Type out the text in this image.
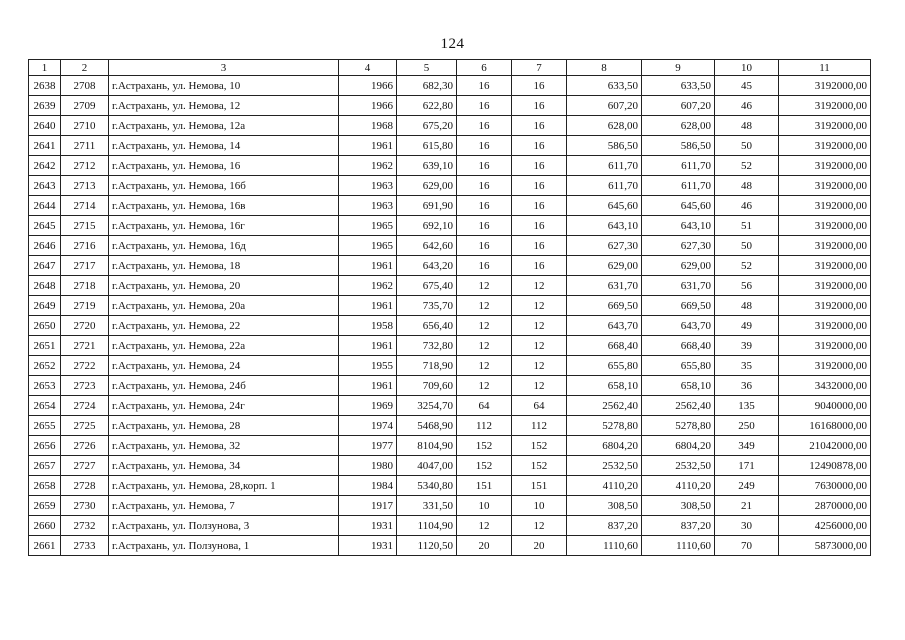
124
1	2	3	4	5	6	7	8	9	10	11
2638	2708	г.Астрахань, ул. Немова, 10	1966	682,30	16	16	633,50	633,50	45	3192000,00
2639	2709	г.Астрахань, ул. Немова, 12	1966	622,80	16	16	607,20	607,20	46	3192000,00
2640	2710	г.Астрахань, ул. Немова, 12а	1968	675,20	16	16	628,00	628,00	48	3192000,00
2641	2711	г.Астрахань, ул. Немова, 14	1961	615,80	16	16	586,50	586,50	50	3192000,00
2642	2712	г.Астрахань, ул. Немова, 16	1962	639,10	16	16	611,70	611,70	52	3192000,00
2643	2713	г.Астрахань, ул. Немова, 16б	1963	629,00	16	16	611,70	611,70	48	3192000,00
2644	2714	г.Астрахань, ул. Немова, 16в	1963	691,90	16	16	645,60	645,60	46	3192000,00
2645	2715	г.Астрахань, ул. Немова, 16г	1965	692,10	16	16	643,10	643,10	51	3192000,00
2646	2716	г.Астрахань, ул. Немова, 16д	1965	642,60	16	16	627,30	627,30	50	3192000,00
2647	2717	г.Астрахань, ул. Немова, 18	1961	643,20	16	16	629,00	629,00	52	3192000,00
2648	2718	г.Астрахань, ул. Немова, 20	1962	675,40	12	12	631,70	631,70	56	3192000,00
2649	2719	г.Астрахань, ул. Немова, 20а	1961	735,70	12	12	669,50	669,50	48	3192000,00
2650	2720	г.Астрахань, ул. Немова, 22	1958	656,40	12	12	643,70	643,70	49	3192000,00
2651	2721	г.Астрахань, ул. Немова, 22а	1961	732,80	12	12	668,40	668,40	39	3192000,00
2652	2722	г.Астрахань, ул. Немова, 24	1955	718,90	12	12	655,80	655,80	35	3192000,00
2653	2723	г.Астрахань, ул. Немова, 24б	1961	709,60	12	12	658,10	658,10	36	3432000,00
2654	2724	г.Астрахань, ул. Немова, 24г	1969	3254,70	64	64	2562,40	2562,40	135	9040000,00
2655	2725	г.Астрахань, ул. Немова, 28	1974	5468,90	112	112	5278,80	5278,80	250	16168000,00
2656	2726	г.Астрахань, ул. Немова, 32	1977	8104,90	152	152	6804,20	6804,20	349	21042000,00
2657	2727	г.Астрахань, ул. Немова, 34	1980	4047,00	152	152	2532,50	2532,50	171	12490878,00
2658	2728	г.Астрахань, ул. Немова, 28,корп. 1	1984	5340,80	151	151	4110,20	4110,20	249	7630000,00
2659	2730	г.Астрахань, ул. Немова, 7	1917	331,50	10	10	308,50	308,50	21	2870000,00
2660	2732	г.Астрахань, ул. Ползунова, 3	1931	1104,90	12	12	837,20	837,20	30	4256000,00
2661	2733	г.Астрахань, ул. Ползунова, 1	1931	1120,50	20	20	1110,60	1110,60	70	5873000,00
